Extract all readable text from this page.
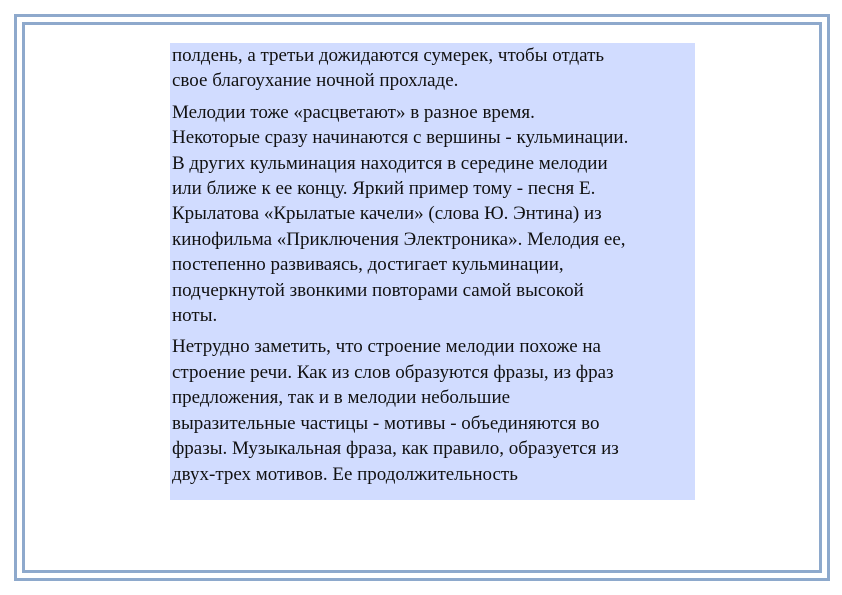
полдень, а третьи дожидаются сумерек, чтобы отдать
свое благоухание ночной прохладе.

Мелодии тоже «расцветают» в разное время.
Некоторые сразу начинаются с вершины - кульминации.
В других кульминация находится в середине мелодии
или ближе к ее концу. Яркий пример тому - песня Е.
Крылатова «Крылатые качели» (слова Ю. Энтина) из
кинофильма «Приключения Электроника». Мелодия ее,
постепенно развиваясь, достигает кульминации,
подчеркнутой звонкими повторами самой высокой
ноты.

Нетрудно заметить, что строение мелодии похоже на
строение речи. Как из слов образуются фразы, из фраз
предложения, так и в мелодии небольшие
выразительные частицы - мотивы - объединяются во
фразы. Музыкальная фраза, как правило, образуется из
двух-трех мотивов. Ее продолжительность
